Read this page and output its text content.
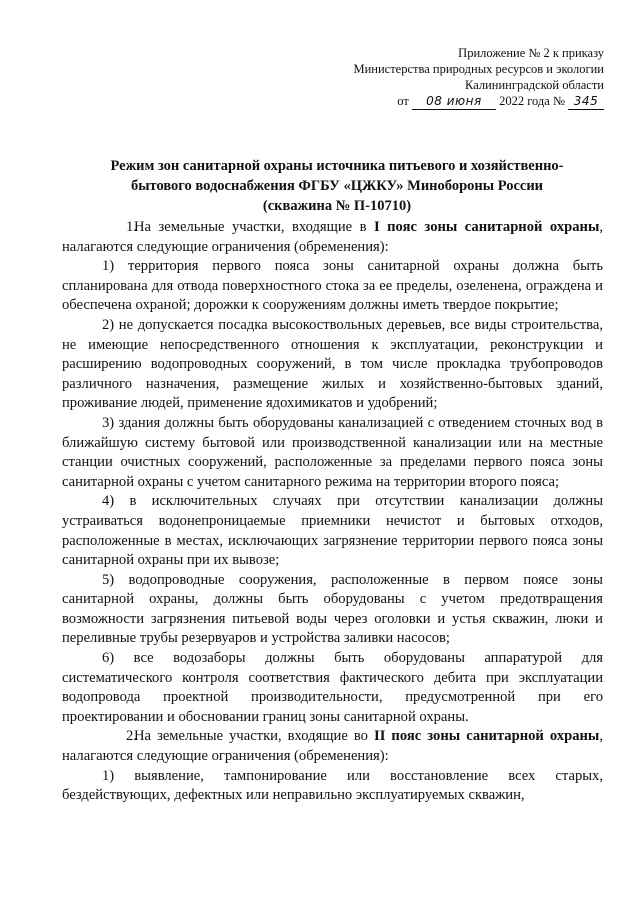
Приложение № 2 к приказу
Министерства природных ресурсов и экологии
Калининградской области
от 08 июня 2022 года № 345
Режим зон санитарной охраны источника питьевого и хозяйственно-
бытового водоснабжения ФГБУ «ЦЖКУ» Минобороны России
(скважина № П-10710)

1.На земельные участки, входящие в I пояс зоны санитарной охраны, налагаются следующие ограничения (обременения):

1) территория первого пояса зоны санитарной охраны должна быть спланирована для отвода поверхностного стока за ее пределы, озеленена, ограждена и обеспечена охраной; дорожки к сооружениям должны иметь твердое покрытие;

2) не допускается посадка высокоствольных деревьев, все виды строительства, не имеющие непосредственного отношения к эксплуатации, реконструкции и расширению водопроводных сооружений, в том числе прокладка трубопроводов различного назначения, размещение жилых и хозяйственно-бытовых зданий, проживание людей, применение ядохимикатов и удобрений;

3) здания должны быть оборудованы канализацией с отведением сточных вод в ближайшую систему бытовой или производственной канализации или на местные станции очистных сооружений, расположенные за пределами первого пояса зоны санитарной охраны с учетом санитарного режима на территории второго пояса;

4) в исключительных случаях при отсутствии канализации должны устраиваться водонепроницаемые приемники нечистот и бытовых отходов, расположенные в местах, исключающих загрязнение территории первого пояса зоны санитарной охраны при их вывозе;

5) водопроводные сооружения, расположенные в первом поясе зоны санитарной охраны, должны быть оборудованы с учетом предотвращения возможности загрязнения питьевой воды через оголовки и устья скважин, люки и переливные трубы резервуаров и устройства заливки насосов;

6) все водозаборы должны быть оборудованы аппаратурой для систематического контроля соответствия фактического дебита при эксплуатации водопровода проектной производительности, предусмотренной при его проектировании и обосновании границ зоны санитарной охраны.

2.На земельные участки, входящие во II пояс зоны санитарной охраны, налагаются следующие ограничения (обременения):

1) выявление, тампонирование или восстановление всех старых, бездействующих, дефектных или неправильно эксплуатируемых скважин,
